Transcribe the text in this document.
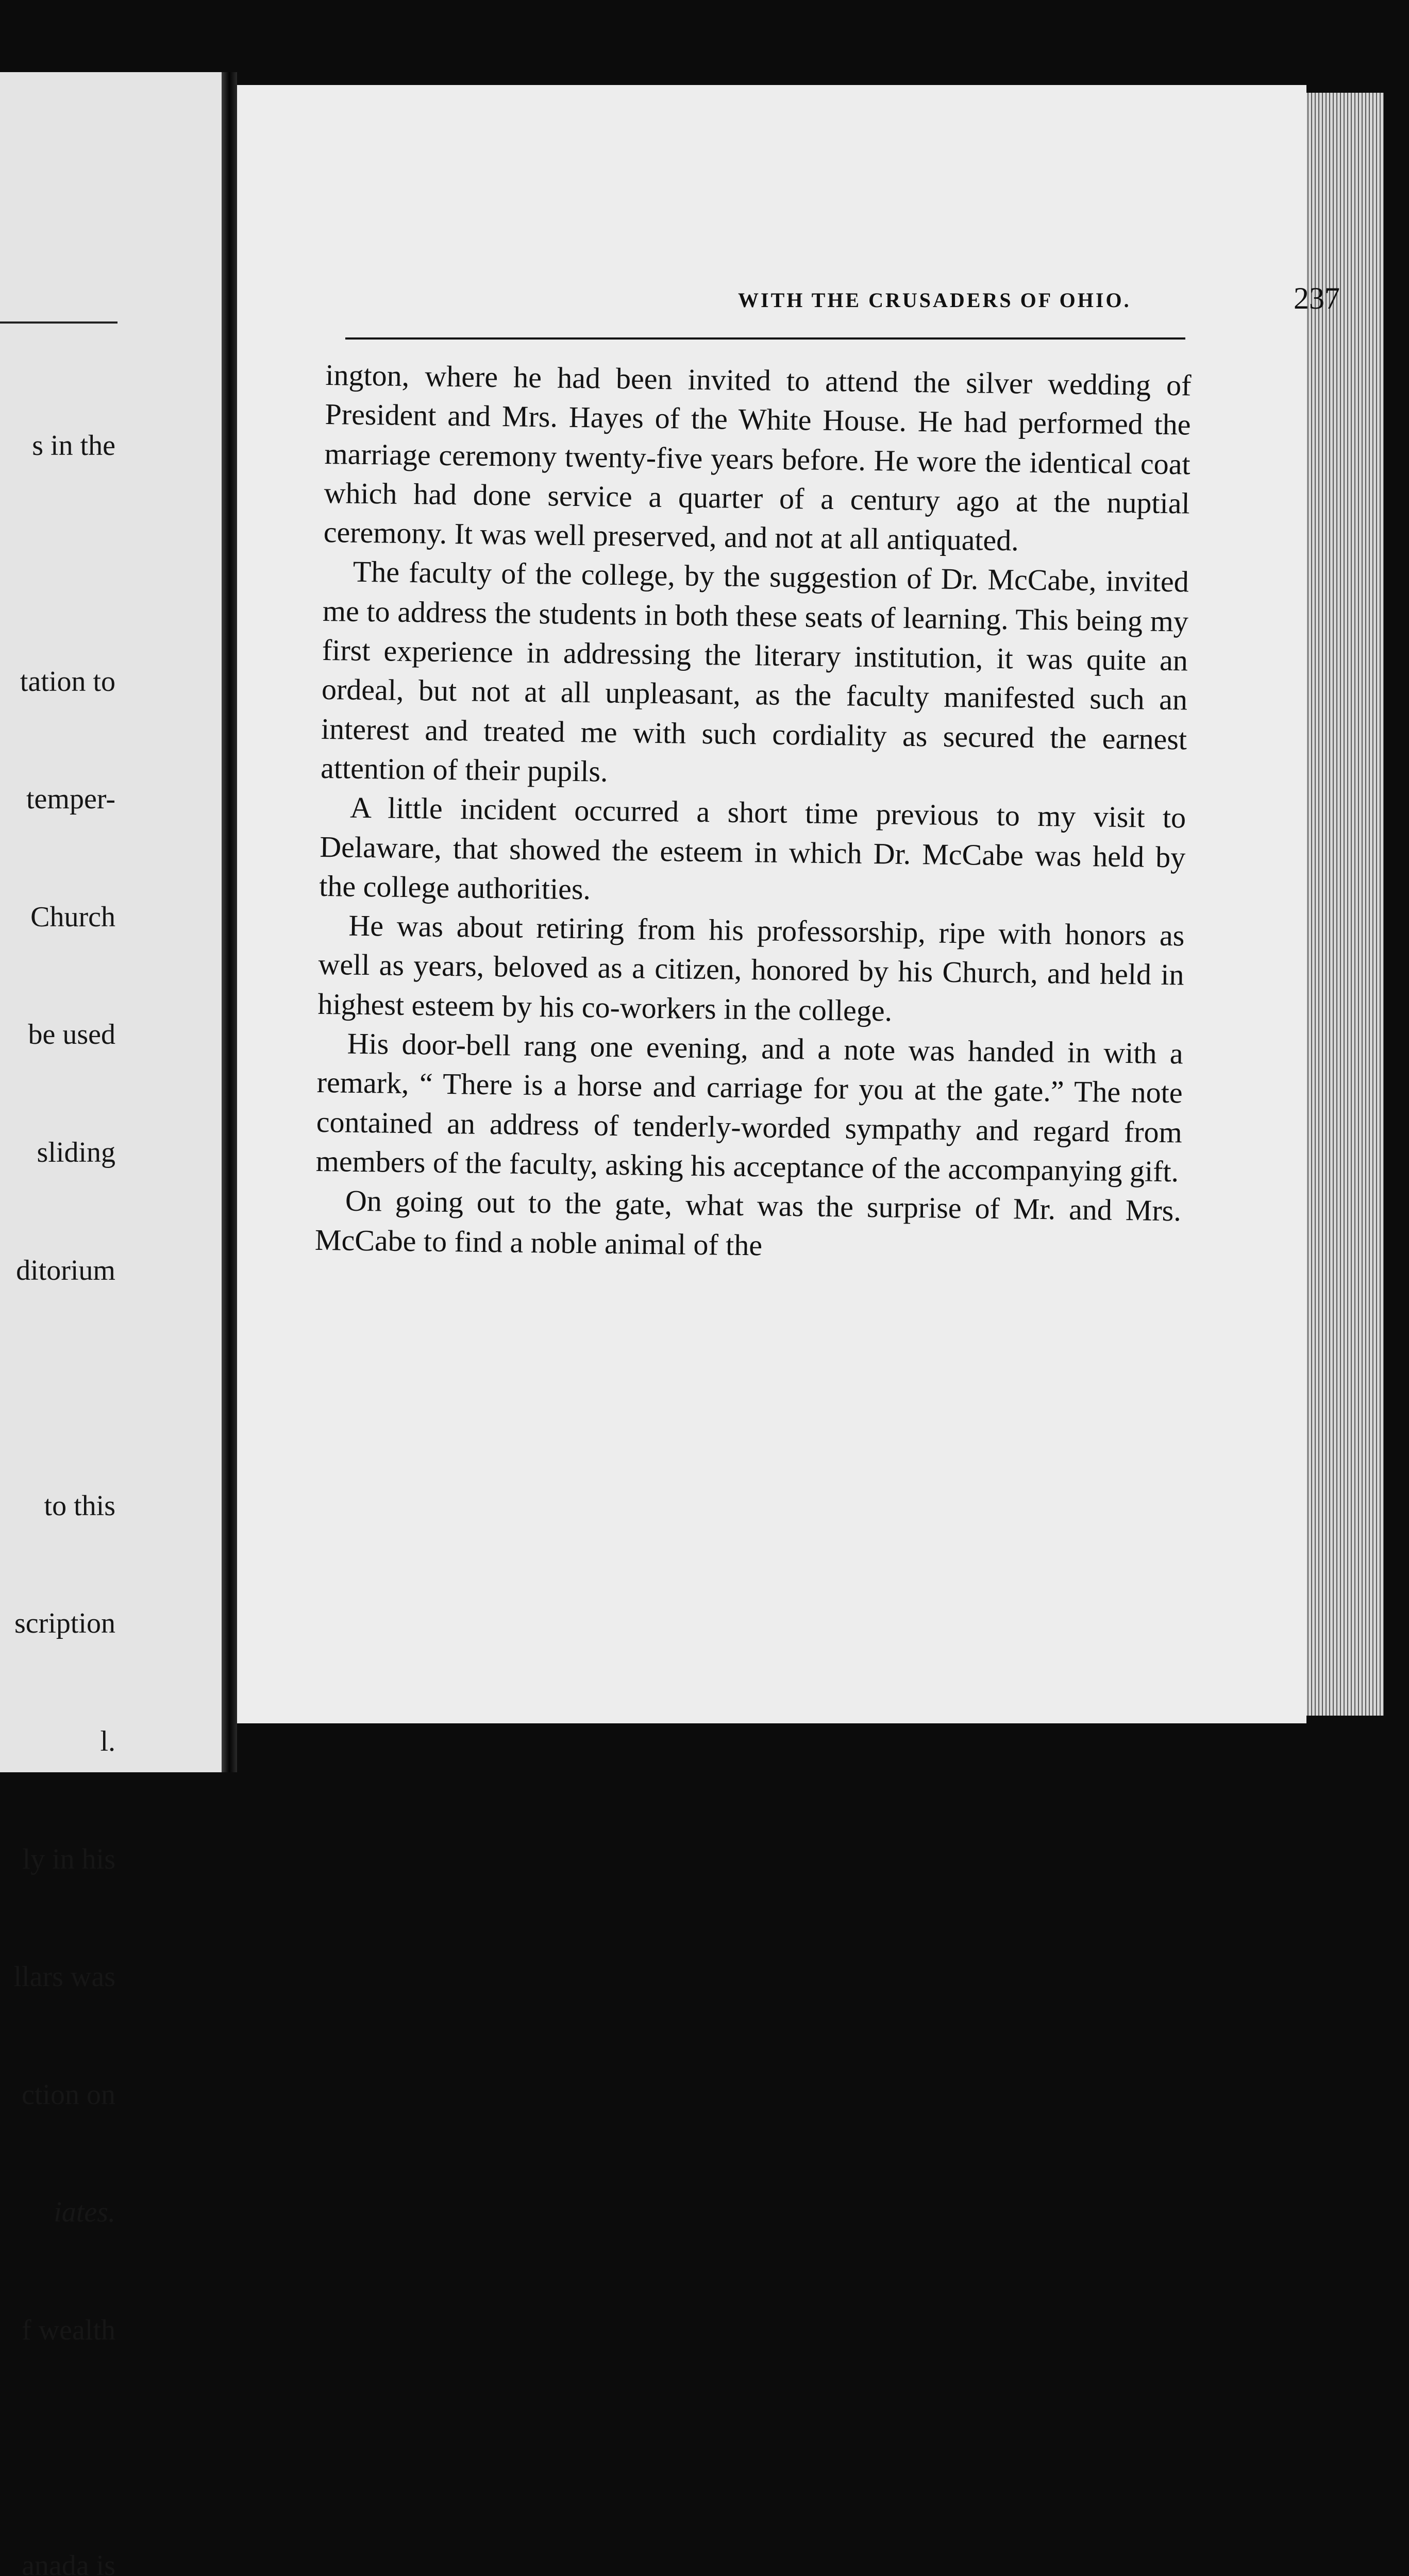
s in the

tation to

temper-

Church

be used

sliding

ditorium

to this

scription

l.

ly in his

llars was

ction on

iates.

f wealth

anada is

WITH THE CRUSADERS OF OHIO.	237

ington, where he had been invited to attend the silver wedding of President and Mrs. Hayes of the White House. He had performed the marriage ceremony twenty-five years before. He wore the identical coat which had done service a quarter of a century ago at the nuptial ceremony. It was well preserved, and not at all antiquated.

The faculty of the college, by the suggestion of Dr. McCabe, invited me to address the students in both these seats of learning. This being my first experience in addressing the literary institution, it was quite an ordeal, but not at all unpleasant, as the faculty manifested such an interest and treated me with such cordiality as secured the earnest attention of their pupils.

A little incident occurred a short time previous to my visit to Delaware, that showed the esteem in which Dr. McCabe was held by the college authorities.

He was about retiring from his professorship, ripe with honors as well as years, beloved as a citizen, honored by his Church, and held in highest esteem by his co-workers in the college.

His door-bell rang one evening, and a note was handed in with a remark, “ There is a horse and carriage for you at the gate.” The note contained an address of tenderly-worded sympathy and regard from members of the faculty, asking his acceptance of the accompanying gift.

On going out to the gate, what was the surprise of Mr. and Mrs. McCabe to find a noble animal of the
